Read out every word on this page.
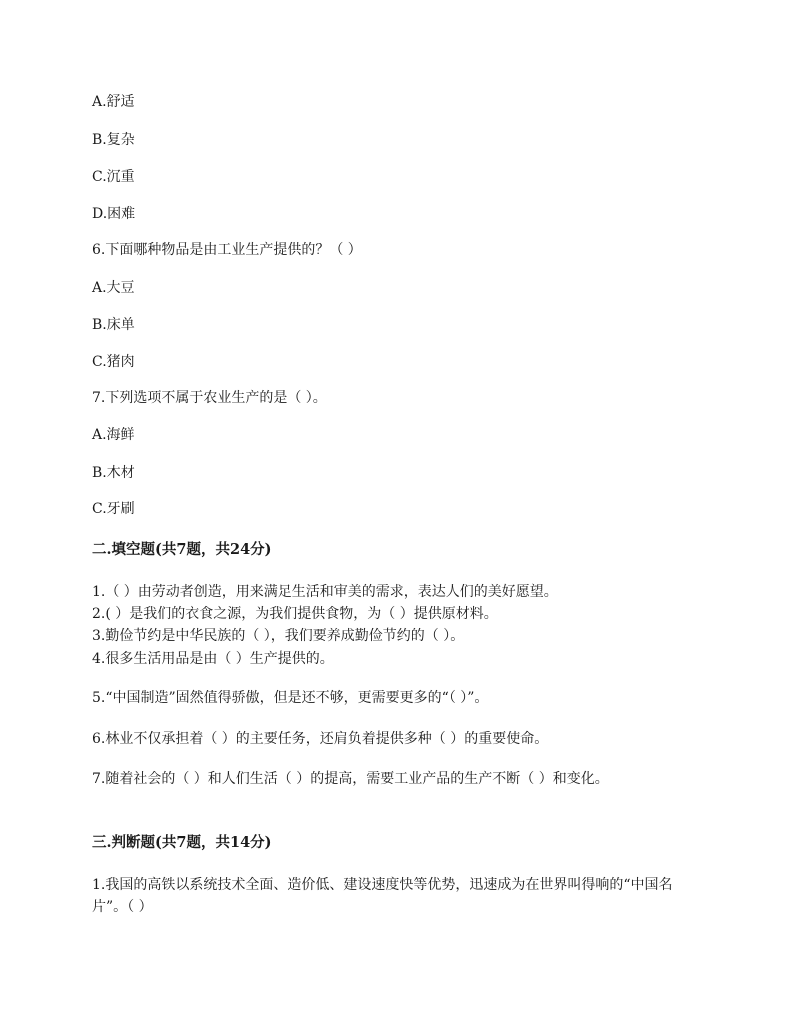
A.舒适
B.复杂
C.沉重
D.困难
6.下面哪种物品是由工业生产提供的？（ ）
A.大豆
B.床单
C.猪肉
7.下列选项不属于农业生产的是（ ）。
A.海鲜
B.木材
C.牙刷
二.填空题(共7题，共24分)
1.（ ）由劳动者创造，用来满足生活和审美的需求，表达人们的美好愿望。
2.( ）是我们的衣食之源，为我们提供食物，为（ ）提供原材料。
3.勤俭节约是中华民族的（ ），我们要养成勤俭节约的（ ）。
4.很多生活用品是由（ ）生产提供的。
5.“中国制造”固然值得骄傲，但是还不够，更需要更多的“（ ）”。
6.林业不仅承担着（ ）的主要任务，还肩负着提供多种（ ）的重要使命。
7.随着社会的（ ）和人们生活（ ）的提高，需要工业产品的生产不断（ ）和变化。
三.判断题(共7题，共14分)
1.我国的高铁以系统技术全面、造价低、建设速度快等优势，迅速成为在世界叫得响的“中国名片”。（ ）
